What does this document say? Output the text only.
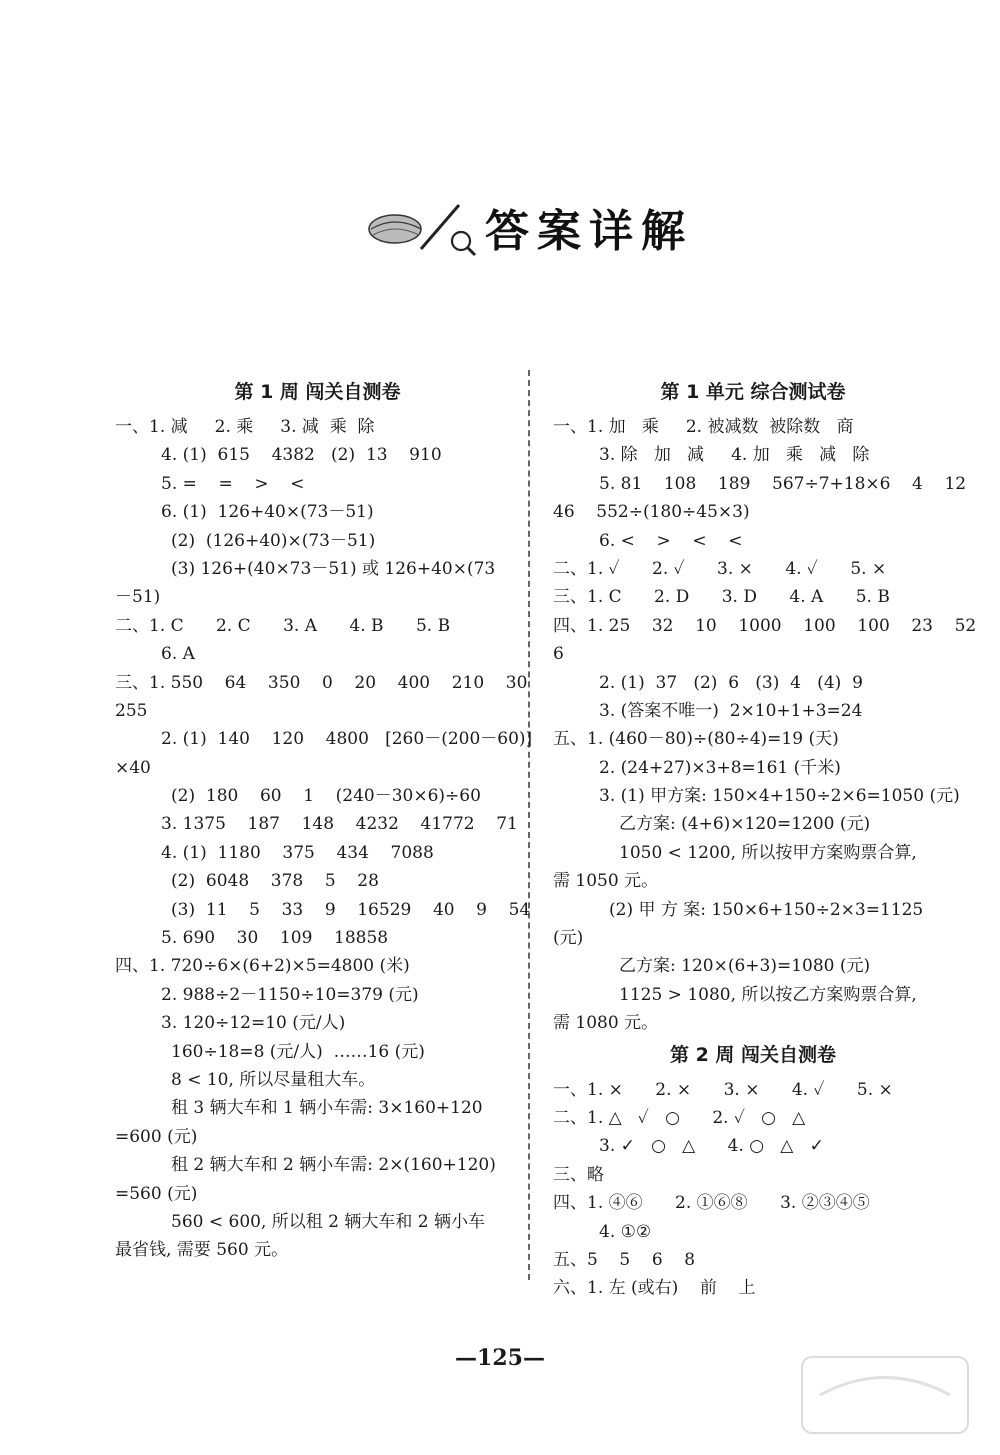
答案详解
第 1 周 闯关自测卷
一、1. 减     2. 乘     3. 减  乘  除
4. (1)  615    4382   (2)  13    910
5. =    =    >    <
6. (1)  126+40×(73－51)
(2)  (126+40)×(73－51)
(3) 126+(40×73－51) 或 126+40×(73
－51)
二、1. C      2. C      3. A      4. B      5. B
6. A
三、1. 550    64    350    0    20    400    210    30
255
2. (1)  140    120    4800   [260－(200－60)]
×40
(2)  180    60    1    (240－30×6)÷60
3. 1375    187    148    4232    41772    71
4. (1)  1180    375    434    7088
(2)  6048    378    5    28
(3)  11    5    33    9    16529    40    9    54
5. 690    30    109    18858
四、1. 720÷6×(6+2)×5=4800 (米)
2. 988÷2－1150÷10=379 (元)
3. 120÷12=10 (元/人)
160÷18=8 (元/人)  ……16 (元)
8 < 10, 所以尽量租大车。
租 3 辆大车和 1 辆小车需: 3×160+120
=600 (元)
租 2 辆大车和 2 辆小车需: 2×(160+120)
=560 (元)
560 < 600, 所以租 2 辆大车和 2 辆小车
最省钱, 需要 560 元。
第 1 单元 综合测试卷
一、1. 加   乘     2. 被减数  被除数   商
3. 除   加   减     4. 加   乘   减   除
5. 81    108    189    567÷7+18×6    4    12
46    552÷(180÷45×3)
6. <    >    <    <
二、1. ✓      2. ✓      3. ×      4. ✓      5. ×
三、1. C      2. D      3. D      4. A      5. B
四、1. 25    32    10    1000    100    100    23    52
6
2. (1)  37   (2)  6   (3)  4   (4)  9
3. (答案不唯一)  2×10+1+3=24
五、1. (460－80)÷(80÷4)=19 (天)
2. (24+27)×3+8=161 (千米)
3. (1) 甲方案: 150×4+150÷2×6=1050 (元)
乙方案: (4+6)×120=1200 (元)
1050 < 1200, 所以按甲方案购票合算,
需 1050 元。
(2) 甲 方 案: 150×6+150÷2×3=1125
(元)
乙方案: 120×(6+3)=1080 (元)
1125 > 1080, 所以按乙方案购票合算,
需 1080 元。
第 2 周 闯关自测卷
一、1. ×      2. ×      3. ×      4. ✓      5. ×
二、1. △   ✓   ○      2. ✓   ○   △
3. ✓   ○   △      4. ○   △   ✓
三、略
四、1. ④⑥      2. ①⑥⑧      3. ②③④⑤
4. ①②
五、5    5    6    8
六、1. 左 (或右)    前    上
—125—
